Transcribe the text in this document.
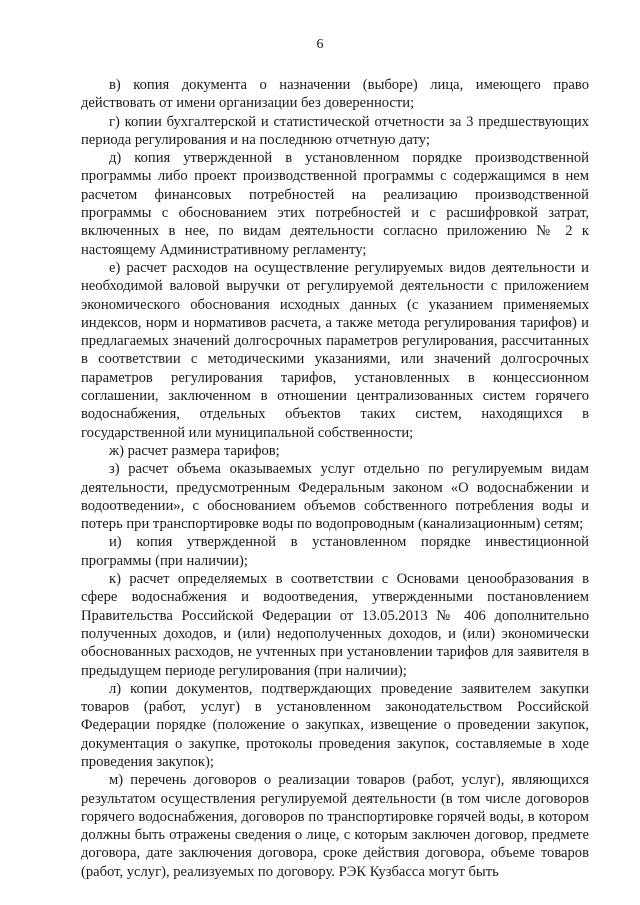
6

в) копия документа о назначении (выборе) лица, имеющего право действовать от имени организации без доверенности;

г) копии бухгалтерской и статистической отчетности за 3 предшествующих периода регулирования и на последнюю отчетную дату;

д) копия утвержденной в установленном порядке производственной программы либо проект производственной программы с содержащимся в нем расчетом финансовых потребностей на реализацию производственной программы с обоснованием этих потребностей и с расшифровкой затрат, включенных в нее, по видам деятельности согласно приложению № 2 к настоящему Административному регламенту;

е) расчет расходов на осуществление регулируемых видов деятельности и необходимой валовой выручки от регулируемой деятельности с приложением экономического обоснования исходных данных (с указанием применяемых индексов, норм и нормативов расчета, а также метода регулирования тарифов) и предлагаемых значений долгосрочных параметров регулирования, рассчитанных в соответствии с методическими указаниями, или значений долгосрочных параметров регулирования тарифов, установленных в концессионном соглашении, заключенном в отношении централизованных систем горячего водоснабжения, отдельных объектов таких систем, находящихся в государственной или муниципальной собственности;

ж) расчет размера тарифов;

з) расчет объема оказываемых услуг отдельно по регулируемым видам деятельности, предусмотренным Федеральным законом «О водоснабжении и водоотведении», с обоснованием объемов собственного потребления воды и потерь при транспортировке воды по водопроводным (канализационным) сетям;

и) копия утвержденной в установленном порядке инвестиционной программы (при наличии);

к) расчет определяемых в соответствии с Основами ценообразования в сфере водоснабжения и водоотведения, утвержденными постановлением Правительства Российской Федерации от 13.05.2013 № 406 дополнительно полученных доходов, и (или) недополученных доходов, и (или) экономически обоснованных расходов, не учтенных при установлении тарифов для заявителя в предыдущем периоде регулирования (при наличии);

л) копии документов, подтверждающих проведение заявителем закупки товаров (работ, услуг) в установленном законодательством Российской Федерации порядке (положение о закупках, извещение о проведении закупок, документация о закупке, протоколы проведения закупок, составляемые в ходе проведения закупок);

м) перечень договоров о реализации товаров (работ, услуг), являющихся результатом осуществления регулируемой деятельности (в том числе договоров горячего водоснабжения, договоров по транспортировке горячей воды, в котором должны быть отражены сведения о лице, с которым заключен договор, предмете договора, дате заключения договора, сроке действия договора, объеме товаров (работ, услуг), реализуемых по договору. РЭК Кузбасса могут быть
